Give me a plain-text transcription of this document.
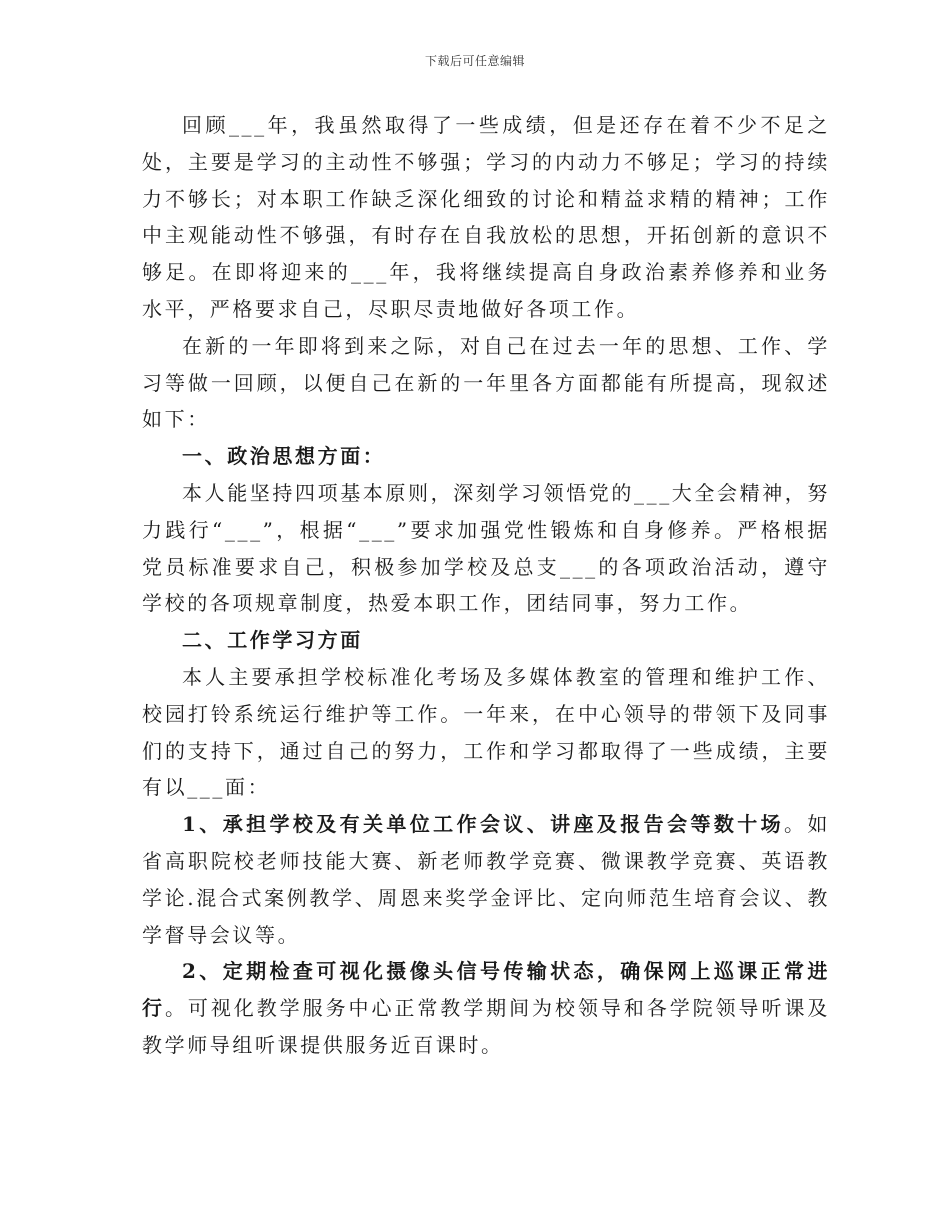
下载后可任意编辑

回顾___年，我虽然取得了一些成绩，但是还存在着不少不足之处，主要是学习的主动性不够强；学习的内动力不够足；学习的持续力不够长；对本职工作缺乏深化细致的讨论和精益求精的精神；工作中主观能动性不够强，有时存在自我放松的思想，开拓创新的意识不够足。在即将迎来的___年，我将继续提高自身政治素养修养和业务水平，严格要求自己，尽职尽责地做好各项工作。

在新的一年即将到来之际，对自己在过去一年的思想、工作、学习等做一回顾，以便自己在新的一年里各方面都能有所提高，现叙述如下：

一、政治思想方面：

本人能坚持四项基本原则，深刻学习领悟党的___大全会精神，努力践行“___”，根据“___”要求加强党性锻炼和自身修养。严格根据党员标准要求自己，积极参加学校及总支___的各项政治活动，遵守学校的各项规章制度，热爱本职工作，团结同事，努力工作。

二、工作学习方面

本人主要承担学校标准化考场及多媒体教室的管理和维护工作、校园打铃系统运行维护等工作。一年来，在中心领导的带领下及同事们的支持下，通过自己的努力，工作和学习都取得了一些成绩，主要有以___面：

1、承担学校及有关单位工作会议、讲座及报告会等数十场。如省高职院校老师技能大赛、新老师教学竞赛、微课教学竞赛、英语教学论.混合式案例教学、周恩来奖学金评比、定向师范生培育会议、教学督导会议等。

2、定期检查可视化摄像头信号传输状态，确保网上巡课正常进行。可视化教学服务中心正常教学期间为校领导和各学院领导听课及教学师导组听课提供服务近百课时。
